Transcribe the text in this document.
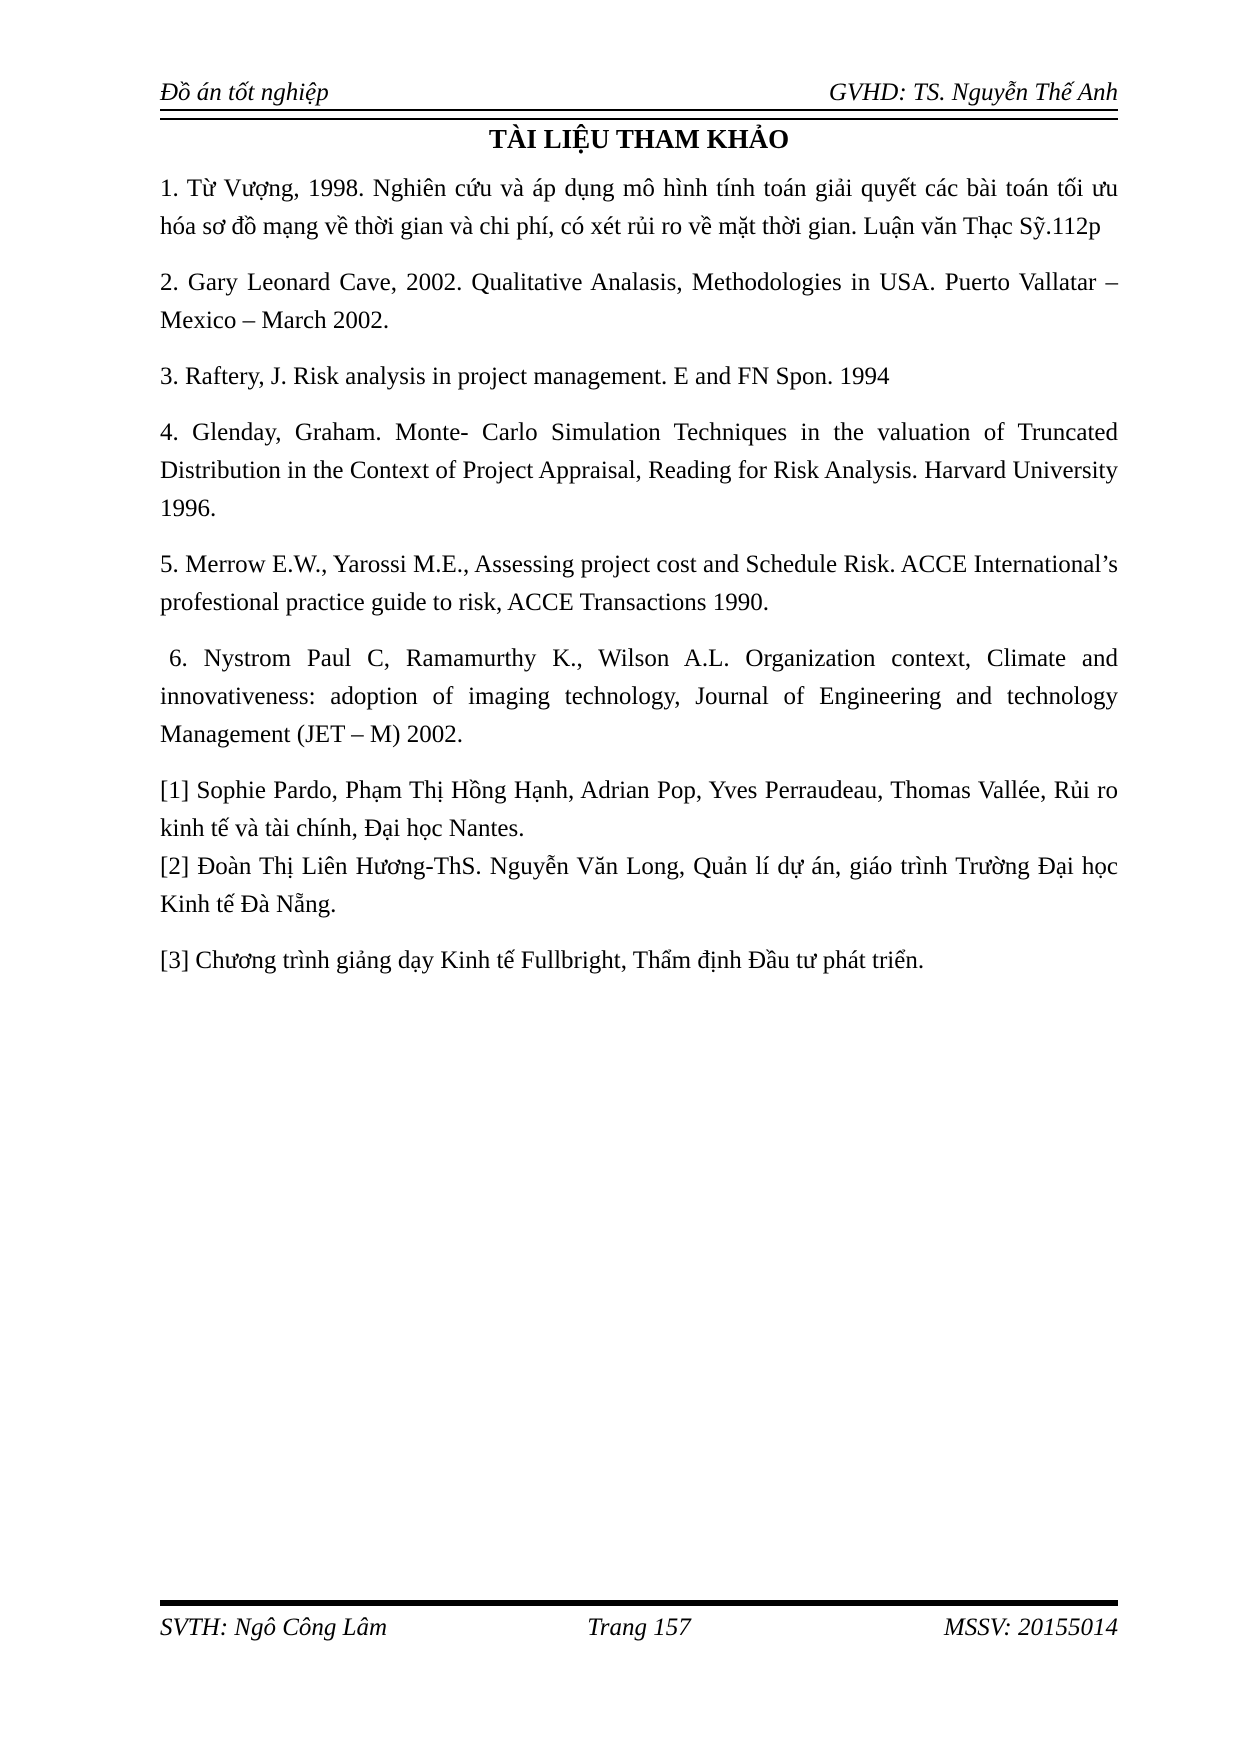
Đồ án tốt nghiệp	GVHD: TS. Nguyễn Thế Anh
TÀI LIỆU THAM KHẢO

1. Từ Vượng, 1998. Nghiên cứu và áp dụng mô hình tính toán giải quyết các bài toán tối ưu hóa sơ đồ mạng về thời gian và chi phí, có xét rủi ro về mặt thời gian. Luận văn Thạc Sỹ.112p

2. Gary Leonard Cave, 2002. Qualitative Analasis, Methodologies in USA. Puerto Vallatar – Mexico – March 2002.

3. Raftery, J. Risk analysis in project management. E and FN Spon. 1994

4. Glenday, Graham. Monte- Carlo Simulation Techniques in the valuation of Truncated Distribution in the Context of Project Appraisal, Reading for Risk Analysis. Harvard University 1996.

5. Merrow E.W., Yarossi M.E., Assessing project cost and Schedule Risk. ACCE International’s profestional practice guide to risk, ACCE Transactions 1990.

6. Nystrom Paul C, Ramamurthy K., Wilson A.L. Organization context, Climate and innovativeness: adoption of imaging technology, Journal of Engineering and technology Management (JET – M) 2002.

[1] Sophie Pardo, Phạm Thị Hồng Hạnh, Adrian Pop, Yves Perraudeau, Thomas Vallée, Rủi ro kinh tế và tài chính, Đại học Nantes.

[2] Đoàn Thị Liên Hương-ThS. Nguyễn Văn Long, Quản lí dự án, giáo trình Trường Đại học Kinh tế Đà Nẵng.

[3] Chương trình giảng dạy Kinh tế Fullbright, Thẩm định Đầu tư phát triển.

SVTH: Ngô Công Lâm	Trang 157	MSSV: 20155014
